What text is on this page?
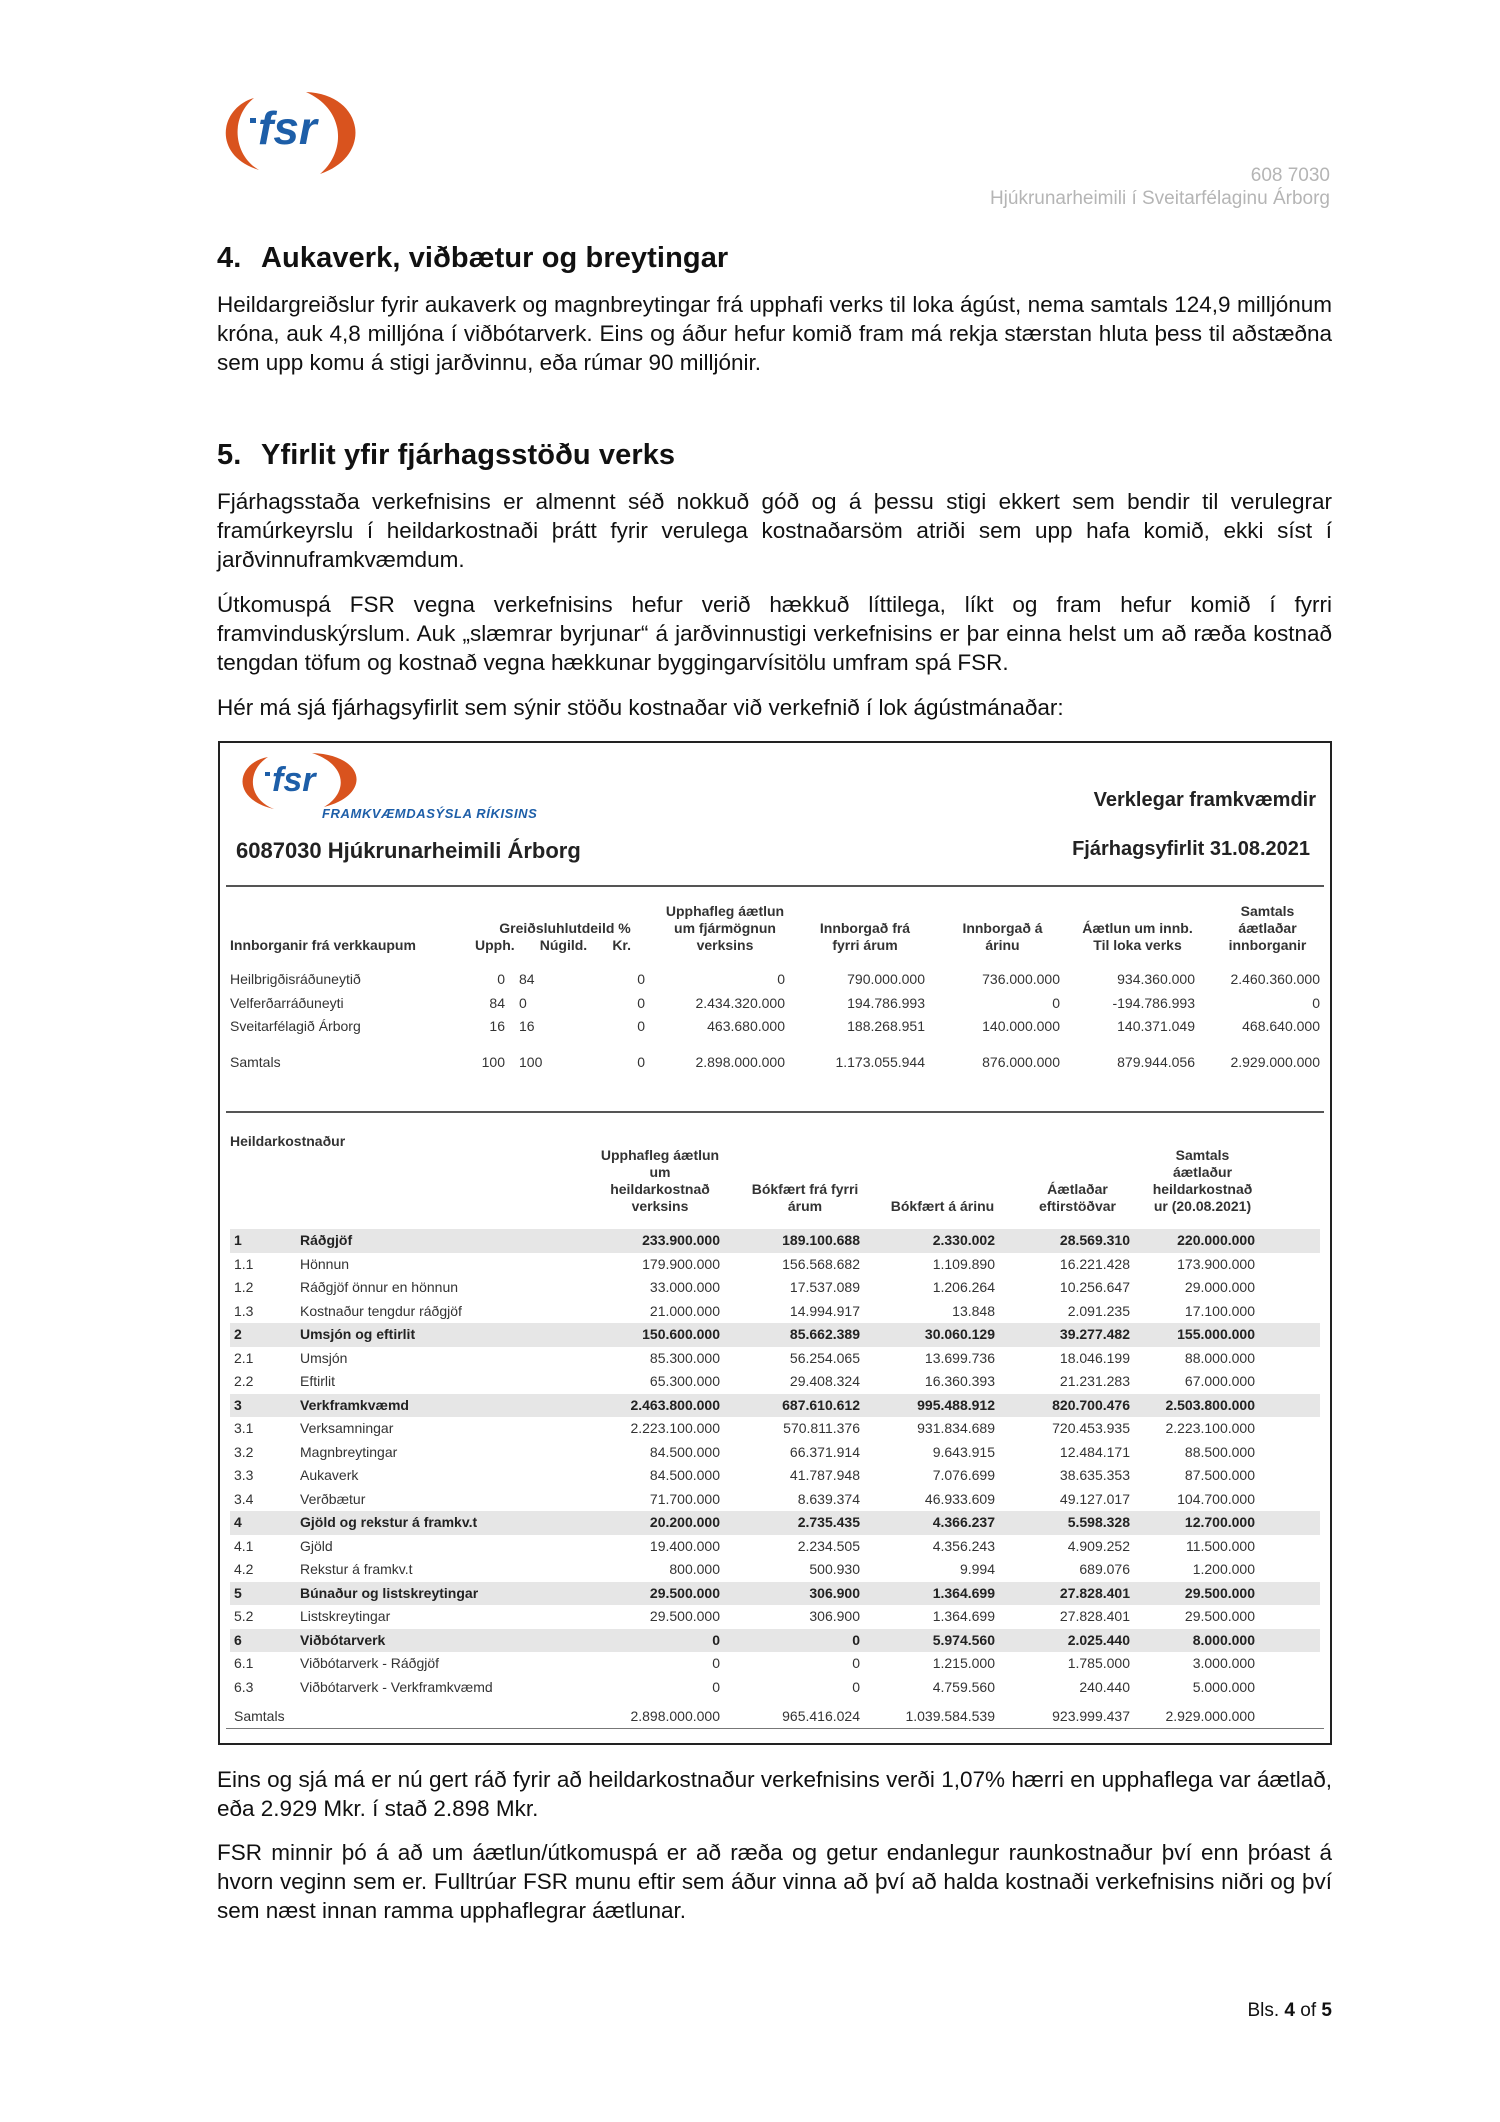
fsr
608 7030
Hjúkrunarheimili í Sveitarfélaginu Árborg
4. Aukaverk, viðbætur og breytingar

Heildargreiðslur fyrir aukaverk og magnbreytingar frá upphafi verks til loka ágúst, nema samtals 124,9 milljónum króna, auk 4,8 milljóna í viðbótarverk. Eins og áður hefur komið fram má rekja stærstan hluta þess til aðstæðna sem upp komu á stigi jarðvinnu, eða rúmar 90 milljónir.

5. Yfirlit yfir fjárhagsstöðu verks

Fjárhagsstaða verkefnisins er almennt séð nokkuð góð og á þessu stigi ekkert sem bendir til verulegrar framúrkeyrslu í heildarkostnaði þrátt fyrir verulega kostnaðarsöm atriði sem upp hafa komið, ekki síst í jarðvinnuframkvæmdum.

Útkomuspá FSR vegna verkefnisins hefur verið hækkuð líttilega, líkt og fram hefur komið í fyrri framvinduskýrslum. Auk „slæmrar byrjunar“ á jarðvinnustigi verkefnisins er þar einna helst um að ræða kostnað tengdan töfum og kostnað vegna hækkunar byggingarvísitölu umfram spá FSR.

Hér má sjá fjárhagsyfirlit sem sýnir stöðu kostnaðar við verkefnið í lok ágústmánaðar:

fsr
FRAMKVÆMDASÝSLA RÍKISINS
6087030 Hjúkrunarheimili Árborg
Verklegar framkvæmdir
Fjárhagsyfirlit 31.08.2021
Innborganir frá verkkaupum	Greiðsluhlutdeild %
Upph. Núgild. Kr.			Upphafleg áætlun um fjármögnun verksins	Innborgað frá fyrri árum	Innborgað á árinu	Áætlun um innb. Til loka verks	Samtals áætlaðar innborganir

Heilbrigðisráðuneytið	0	84	0	0	790.000.000	736.000.000	934.360.000	2.460.360.000
Velferðarráðuneyti	84	0	0	2.434.320.000	194.786.993	0	-194.786.993	0
Sveitarfélagið Árborg	16	16	0	463.680.000	188.268.951	140.000.000	140.371.049	468.640.000

Samtals	100	100	0	2.898.000.000	1.173.055.944	876.000.000	879.944.056	2.929.000.000
Heildarkostnaður		Upphafleg áætlun um heildarkostnað verksins	Bókfært frá fyrri árum	Bókfært á árinu	Áætlaðar eftirstöðvar	Samtals áætlaður heildarkostnað ur (20.08.2021)	

1	Ráðgjöf	233.900.000	189.100.688	2.330.002	28.569.310	220.000.000	
1.1	Hönnun	179.900.000	156.568.682	1.109.890	16.221.428	173.900.000	
1.2	Ráðgjöf önnur en hönnun	33.000.000	17.537.089	1.206.264	10.256.647	29.000.000	
1.3	Kostnaður tengdur ráðgjöf	21.000.000	14.994.917	13.848	2.091.235	17.100.000	
2	Umsjón og eftirlit	150.600.000	85.662.389	30.060.129	39.277.482	155.000.000	
2.1	Umsjón	85.300.000	56.254.065	13.699.736	18.046.199	88.000.000	
2.2	Eftirlit	65.300.000	29.408.324	16.360.393	21.231.283	67.000.000	
3	Verkframkvæmd	2.463.800.000	687.610.612	995.488.912	820.700.476	2.503.800.000	
3.1	Verksamningar	2.223.100.000	570.811.376	931.834.689	720.453.935	2.223.100.000	
3.2	Magnbreytingar	84.500.000	66.371.914	9.643.915	12.484.171	88.500.000	
3.3	Aukaverk	84.500.000	41.787.948	7.076.699	38.635.353	87.500.000	
3.4	Verðbætur	71.700.000	8.639.374	46.933.609	49.127.017	104.700.000	
4	Gjöld og rekstur á framkv.t	20.200.000	2.735.435	4.366.237	5.598.328	12.700.000	
4.1	Gjöld	19.400.000	2.234.505	4.356.243	4.909.252	11.500.000	
4.2	Rekstur á framkv.t	800.000	500.930	9.994	689.076	1.200.000	
5	Búnaður og listskreytingar	29.500.000	306.900	1.364.699	27.828.401	29.500.000	
5.2	Listskreytingar	29.500.000	306.900	1.364.699	27.828.401	29.500.000	
6	Viðbótarverk	0	0	5.974.560	2.025.440	8.000.000	
6.1	Viðbótarverk - Ráðgjöf	0	0	1.215.000	1.785.000	3.000.000	
6.3	Viðbótarverk - Verkframkvæmd	0	0	4.759.560	240.440	5.000.000	
Samtals		2.898.000.000	965.416.024	1.039.584.539	923.999.437	2.929.000.000	

Eins og sjá má er nú gert ráð fyrir að heildarkostnaður verkefnisins verði 1,07% hærri en upphaflega var áætlað, eða 2.929 Mkr. í stað 2.898 Mkr.

FSR minnir þó á að um áætlun/útkomuspá er að ræða og getur endanlegur raunkostnaður því enn þróast á hvorn veginn sem er. Fulltrúar FSR munu eftir sem áður vinna að því að halda kostnaði verkefnisins niðri og því sem næst innan ramma upphaflegrar áætlunar.

Bls. 4 of 5
